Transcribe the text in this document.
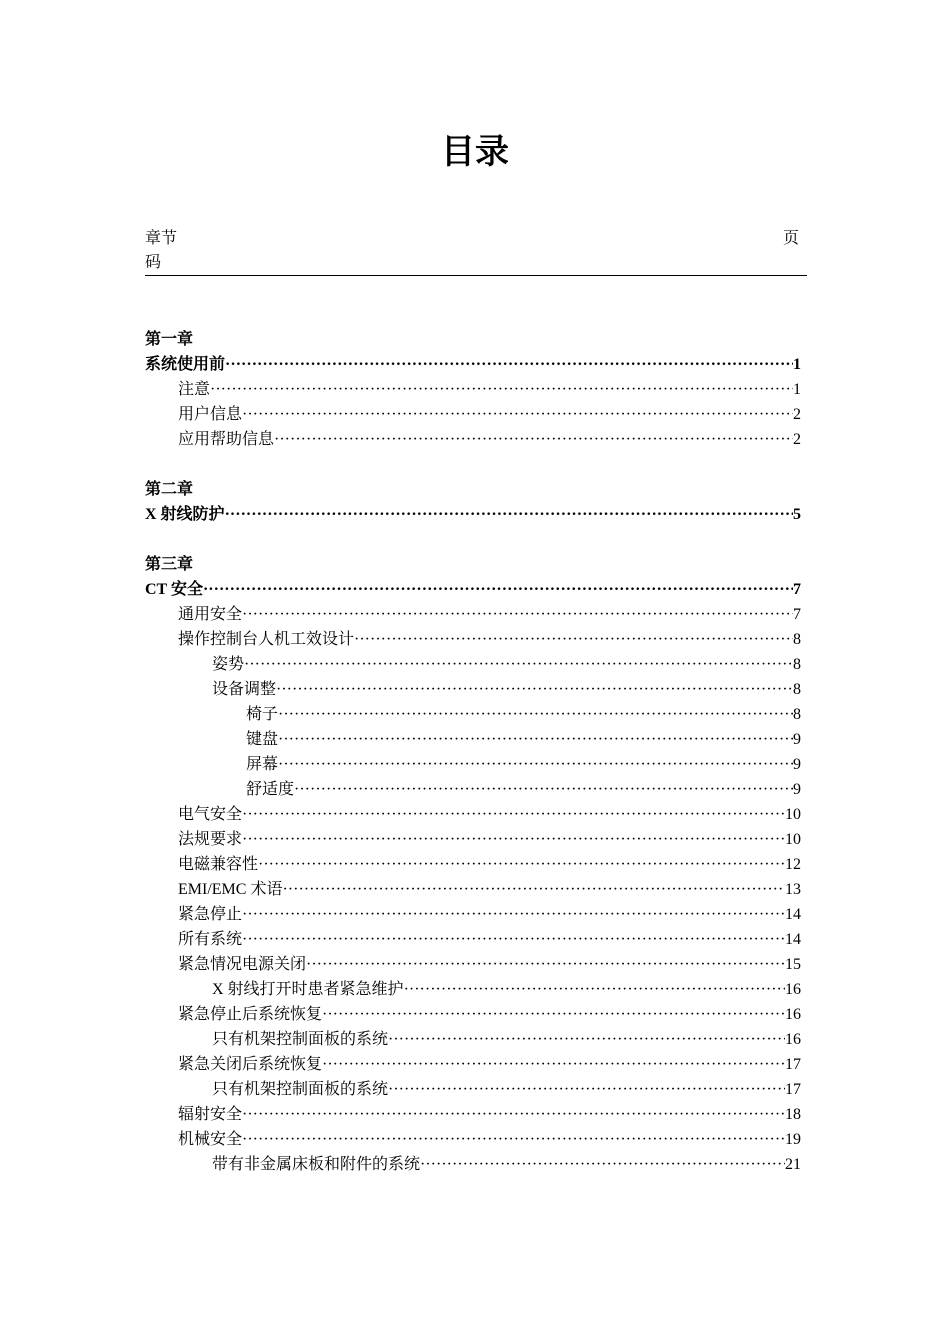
目录
章节码
页
第一章
系统使用前 ·····	1
注意 ·····	1
用户信息 ·····	2
应用帮助信息 ·····	2
第二章
X 射线防护 ·····	5
第三章
CT 安全 ·····	7
通用安全 ·····	7
操作控制台人机工效设计 ·····	8
姿势 ·····	8
设备调整 ·····	8
椅子 ·····	8
键盘 ·····	9
屏幕 ·····	9
舒适度 ·····	9
电气安全 ·····	10
法规要求 ·····	10
电磁兼容性 ·····	12
EMI/EMC 术语 ·····	13
紧急停止 ·····	14
所有系统 ·····	14
紧急情况电源关闭 ·····	15
X 射线打开时患者紧急维护 ·····	16
紧急停止后系统恢复 ·····	16
只有机架控制面板的系统 ·····	16
紧急关闭后系统恢复 ·····	17
只有机架控制面板的系统 ·····	17
辐射安全 ·····	18
机械安全 ·····	19
带有非金属床板和附件的系统 ·····	21
